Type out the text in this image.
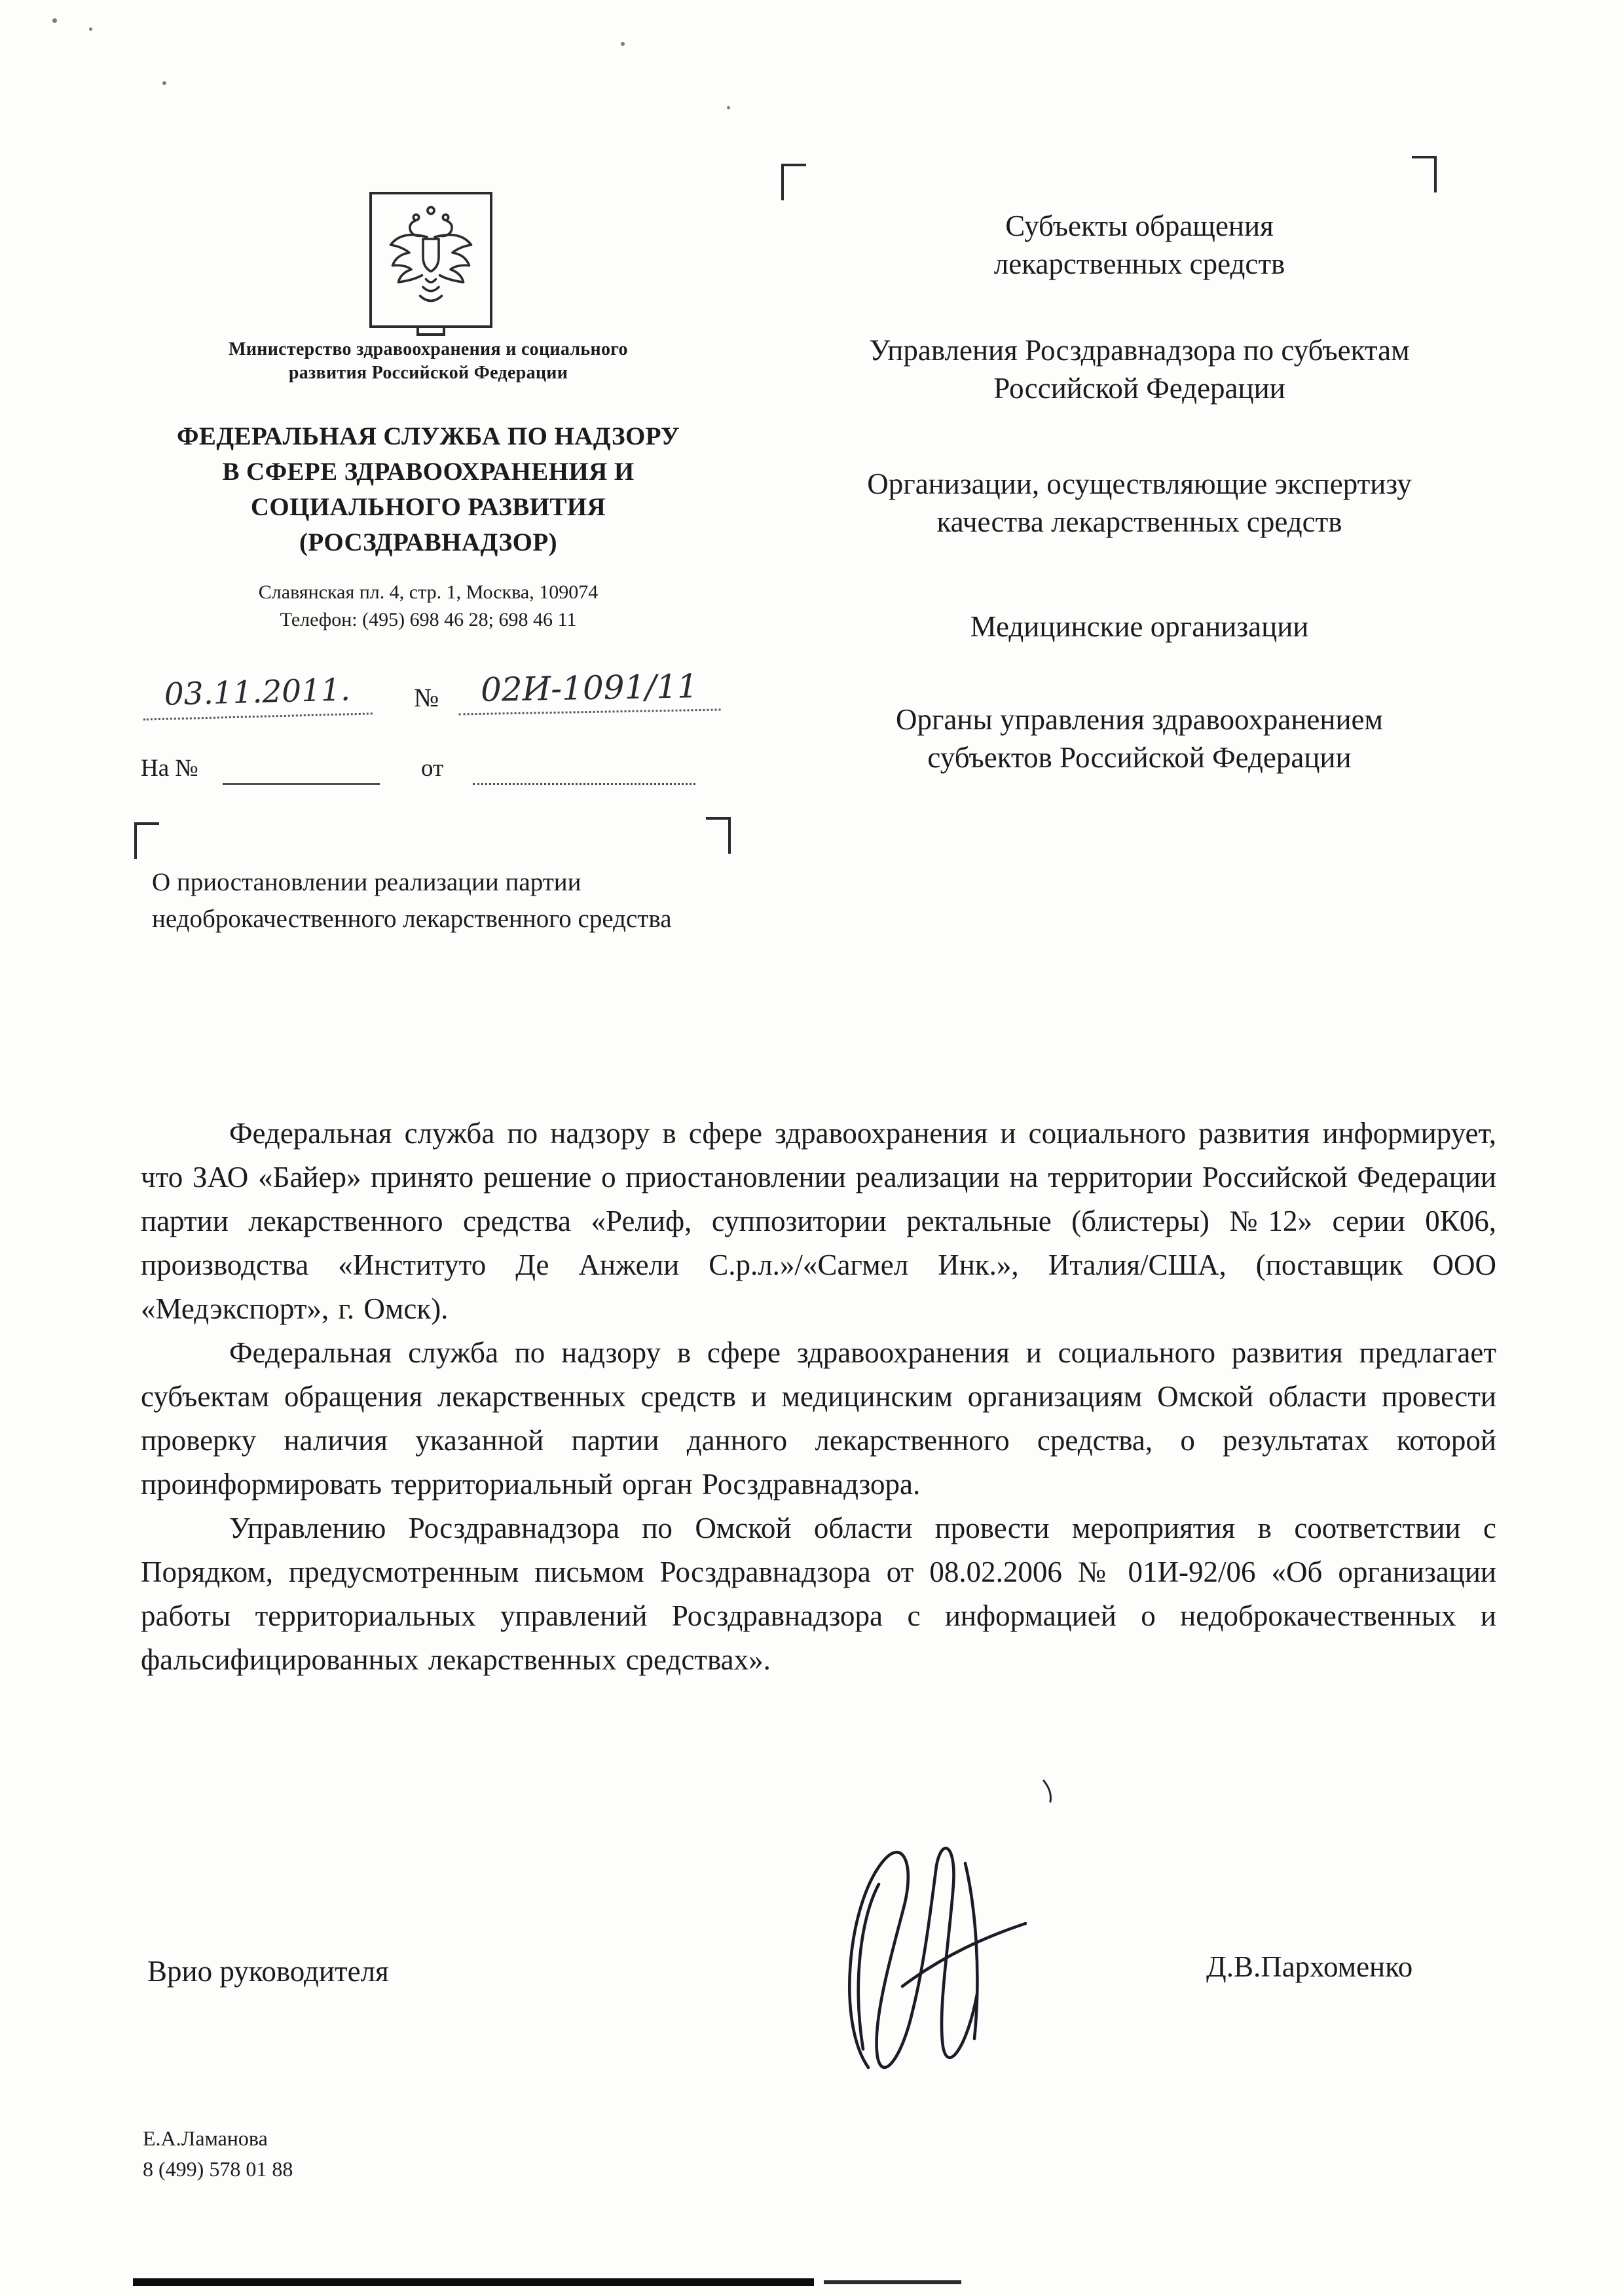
Министерство здравоохранения и социального развития Российской Федерации
ФЕДЕРАЛЬНАЯ СЛУЖБА ПО НАДЗОРУ
В СФЕРЕ ЗДРАВООХРАНЕНИЯ И
СОЦИАЛЬНОГО РАЗВИТИЯ
(РОСЗДРАВНАДЗОР)
Славянская пл. 4, стр. 1, Москва, 109074
Телефон: (495) 698 46 28; 698 46 11
03.11.2011.	№	02И-1091/11
На №	от
О приостановлении реализации партии недоброкачественного лекарственного средства
Субъекты обращения лекарственных средств
Управления Росздравнадзора по субъектам Российской Федерации
Организации, осуществляющие экспертизу качества лекарственных средств
Медицинские организации
Органы управления здравоохранением субъектов Российской Федерации

Федеральная служба по надзору в сфере здравоохранения и социального развития информирует, что ЗАО «Байер» принято решение о приостановлении реализации на территории Российской Федерации партии лекарственного средства «Релиф, суппозитории ректальные (блистеры) №12» серии 0К06, производства «Институто Де Анжели С.р.л.»/«Сагмел Инк.», Италия/США, (поставщик ООО «Медэкспорт», г. Омск).

Федеральная служба по надзору в сфере здравоохранения и социального развития предлагает субъектам обращения лекарственных средств и медицинским организациям Омской области провести проверку наличия указанной партии данного лекарственного средства, о результатах которой проинформировать территориальный орган Росздравнадзора.

Управлению Росздравнадзора по Омской области провести мероприятия в соответствии с Порядком, предусмотренным письмом Росздравнадзора от 08.02.2006 № 01И-92/06 «Об организации работы территориальных управлений Росздравнадзора с информацией о недоброкачественных и фальсифицированных лекарственных средствах».

Врио руководителя	Д.В.Пархоменко
Е.А.Ламанова
8 (499) 578 01 88
